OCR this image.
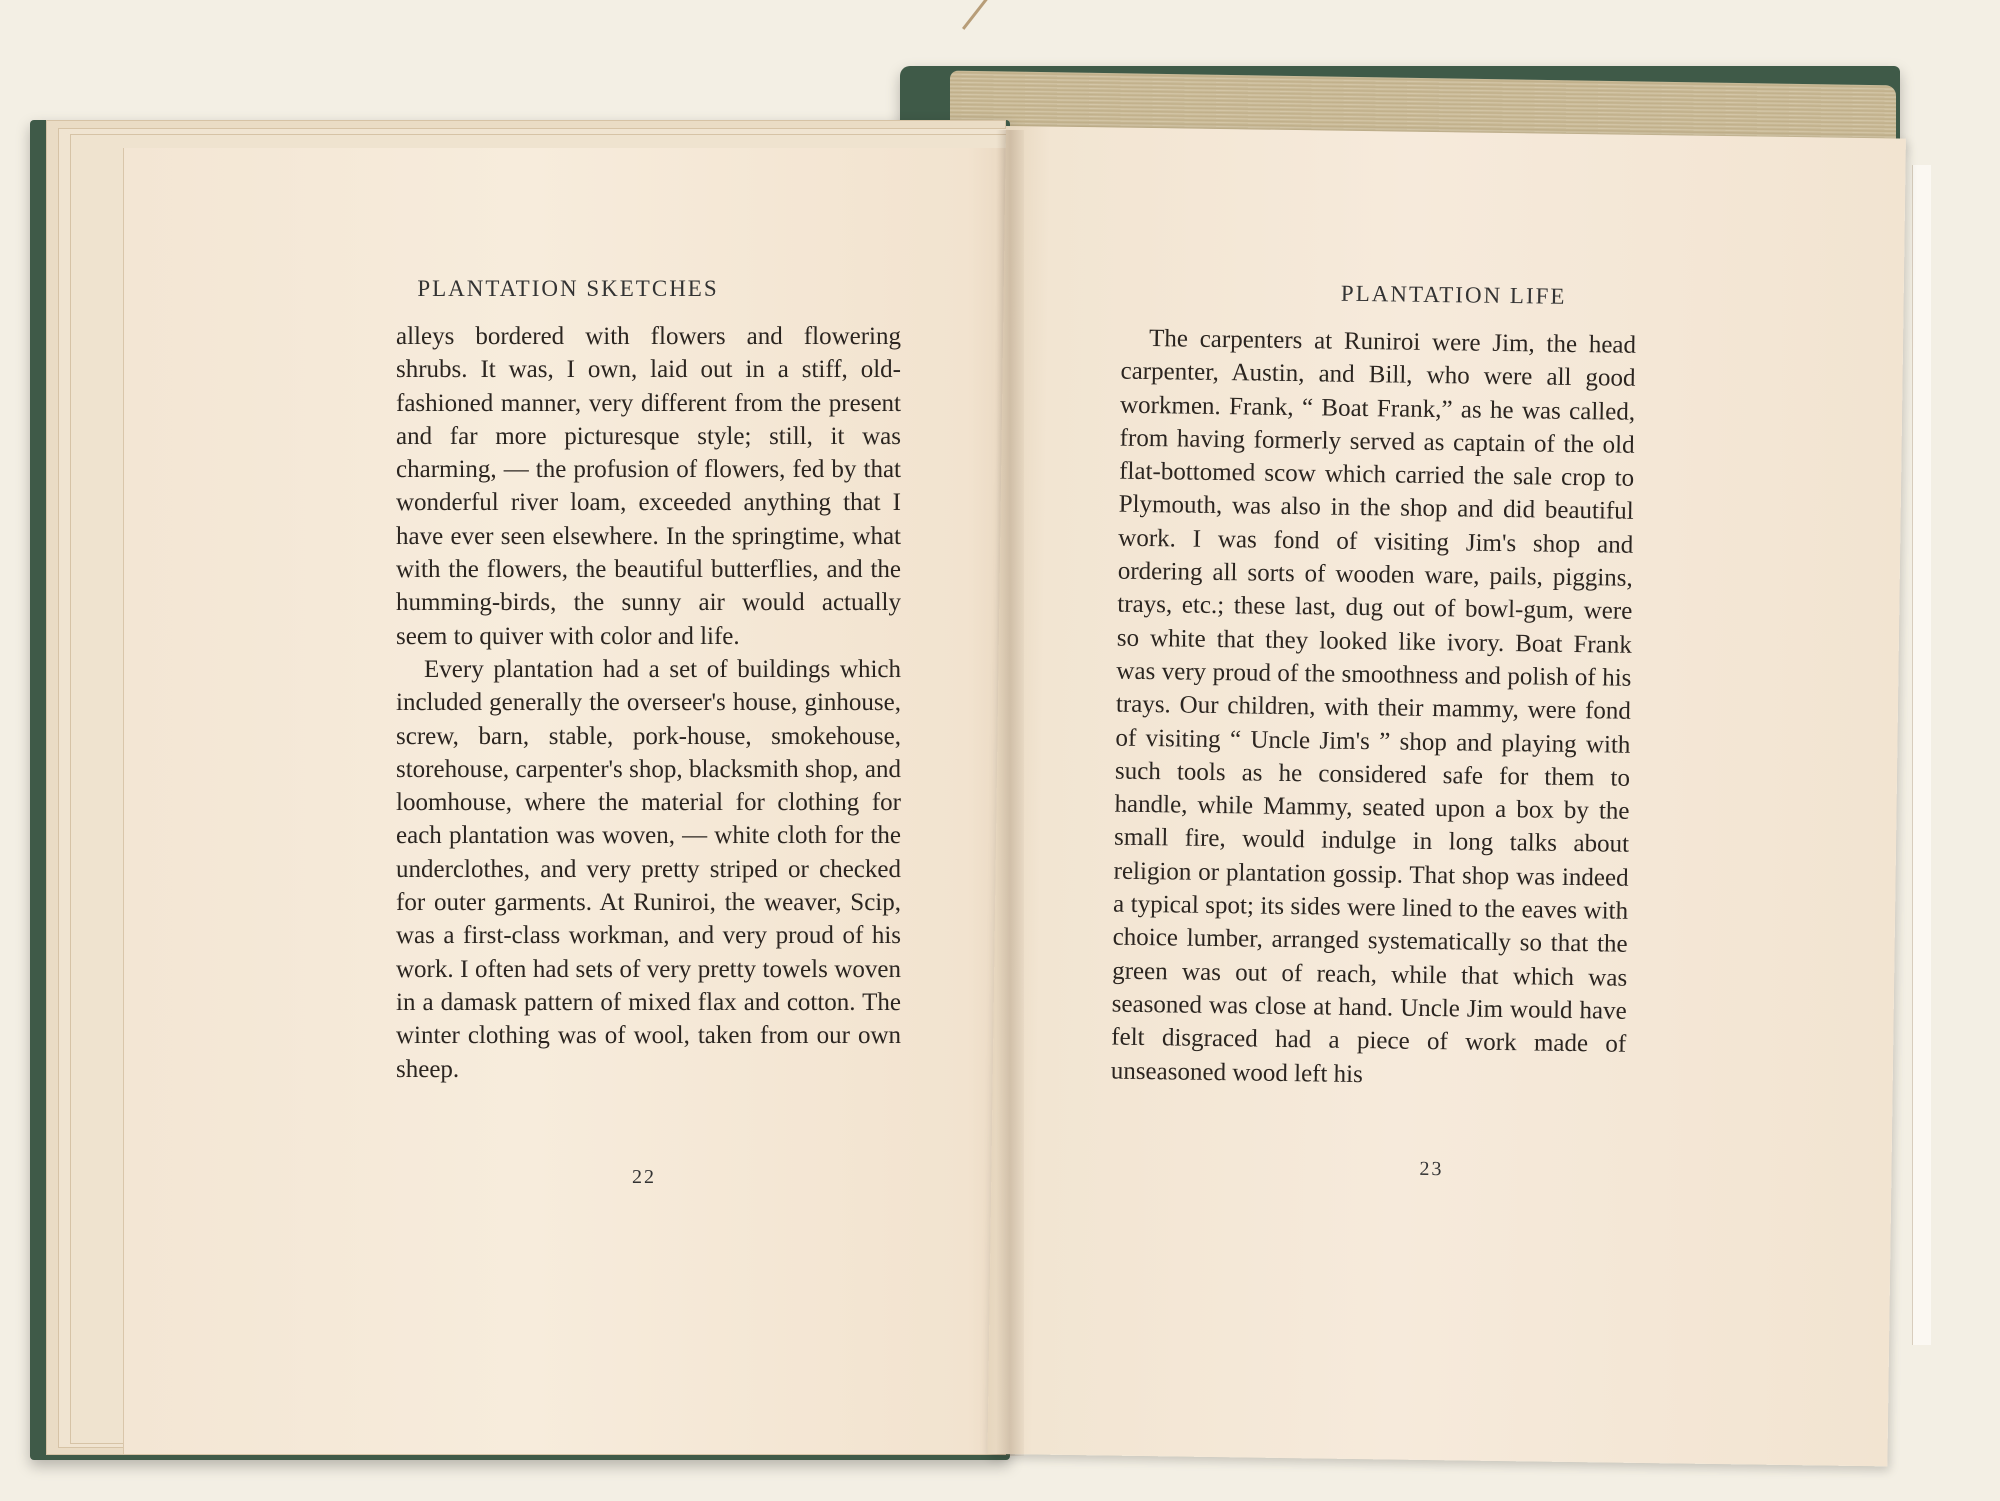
PLANTATION SKETCHES

alleys bordered with flowers and flowering shrubs. It was, I own, laid out in a stiff, old-fashioned manner, very different from the present and far more picturesque style; still, it was charming, — the profusion of flowers, fed by that wonderful river loam, exceeded anything that I have ever seen elsewhere. In the springtime, what with the flowers, the beautiful butterflies, and the humming-birds, the sunny air would actually seem to quiver with color and life.

Every plantation had a set of buildings which included generally the overseer's house, ginhouse, screw, barn, stable, pork-house, smokehouse, storehouse, carpenter's shop, blacksmith shop, and loomhouse, where the material for clothing for each plantation was woven, — white cloth for the underclothes, and very pretty striped or checked for outer garments. At Runiroi, the weaver, Scip, was a first-class workman, and very proud of his work. I often had sets of very pretty towels woven in a damask pattern of mixed flax and cotton. The winter clothing was of wool, taken from our own sheep.

22
PLANTATION LIFE

The carpenters at Runiroi were Jim, the head carpenter, Austin, and Bill, who were all good workmen. Frank, “ Boat Frank,” as he was called, from having formerly served as captain of the old flat-bottomed scow which carried the sale crop to Plymouth, was also in the shop and did beautiful work. I was fond of visiting Jim's shop and ordering all sorts of wooden ware, pails, piggins, trays, etc.; these last, dug out of bowl-gum, were so white that they looked like ivory. Boat Frank was very proud of the smoothness and polish of his trays. Our children, with their mammy, were fond of visiting “ Uncle Jim's ” shop and playing with such tools as he considered safe for them to handle, while Mammy, seated upon a box by the small fire, would indulge in long talks about religion or plantation gossip. That shop was indeed a typical spot; its sides were lined to the eaves with choice lumber, arranged systematically so that the green was out of reach, while that which was seasoned was close at hand. Uncle Jim would have felt disgraced had a piece of work made of unseasoned wood left his

23
